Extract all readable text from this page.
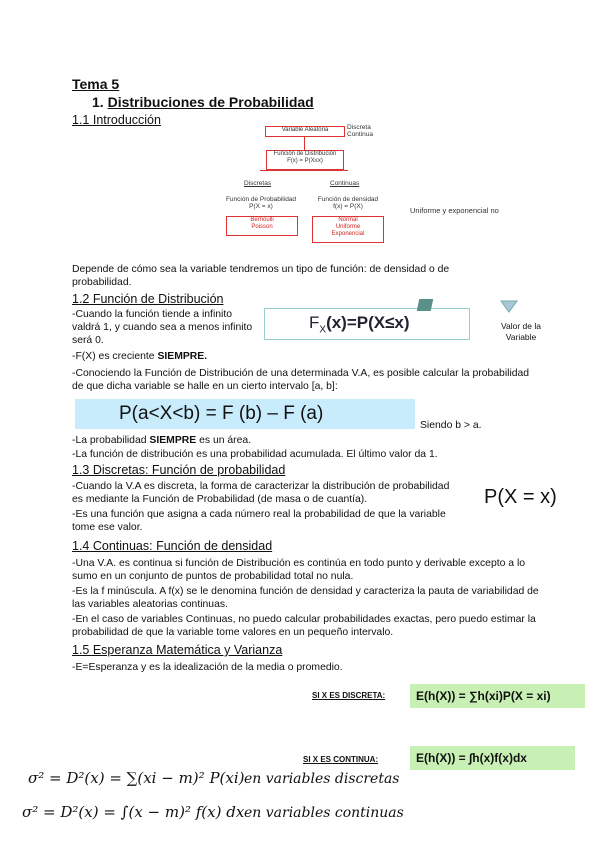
Tema 5
1. Distribuciones de Probabilidad
1.1 Introducción
Variable Aleatoria	Discreta
Continua
Función de Distribución
F(x) = P(X≤x)
Discretas	Continuas
Función de Probabilidad
P(X = x)
Función de densidad
f(x) = P(X)
Bernoulli
Poisson
Normal
Uniforme
Exponencial
Uniforme y exponencial no
Depende de cómo sea la variable tendremos un tipo de función: de densidad o de probabilidad.
1.2 Función de Distribución
-Cuando la función tiende a infinito valdrá 1, y cuando sea a menos infinito será 0.
-F(X) es creciente SIEMPRE.
$F_X(x)=P(X\le x)$	Valor de la Variable
-Conociendo la Función de Distribución de una determinada V.A, es posible calcular la probabilidad de que dicha variable se halle en un cierto intervalo [a, b]:
P(a<X<b) = F (b) – F (a)
Siendo b > a.
-La probabilidad SIEMPRE es un área.
-La función de distribución es una probabilidad acumulada. El último valor da 1.
1.3 Discretas: Función de probabilidad
-Cuando la V.A es discreta, la forma de caracterizar la distribución de probabilidad es mediante la Función de Probabilidad (de masa o de cuantía).
-Es una función que asigna a cada número real la probabilidad de que la variable tome ese valor.
P(X = x)
1.4 Continuas: Función de densidad
-Una V.A. es continua si función de Distribución es continúa en todo punto y derivable excepto a lo sumo en un conjunto de puntos de probabilidad total no nula.
-Es la f minúscula. A f(x) se le denomina función de densidad y caracteriza la pauta de variabilidad de las variables aleatorias continuas.
-En el caso de variables Continuas, no puedo calcular probabilidades exactas, pero puedo estimar la probabilidad de que la variable tome valores en un pequeño intervalo.
1.5 Esperanza Matemática y Varianza
-E=Esperanza y es la idealización de la media o promedio.
SI X ES DISCRETA:	E(h(X)) = ∑h(xi)P(X = xi)
SI X ES CONTINUA:	E(h(X)) = ∫h(x)f(x)dx
σ² = D²(x) = ∑(xi − m)² P(xi) en variables discretas
σ² = D²(x) = ∫(x − m)² f(x) dx en variables continuas
